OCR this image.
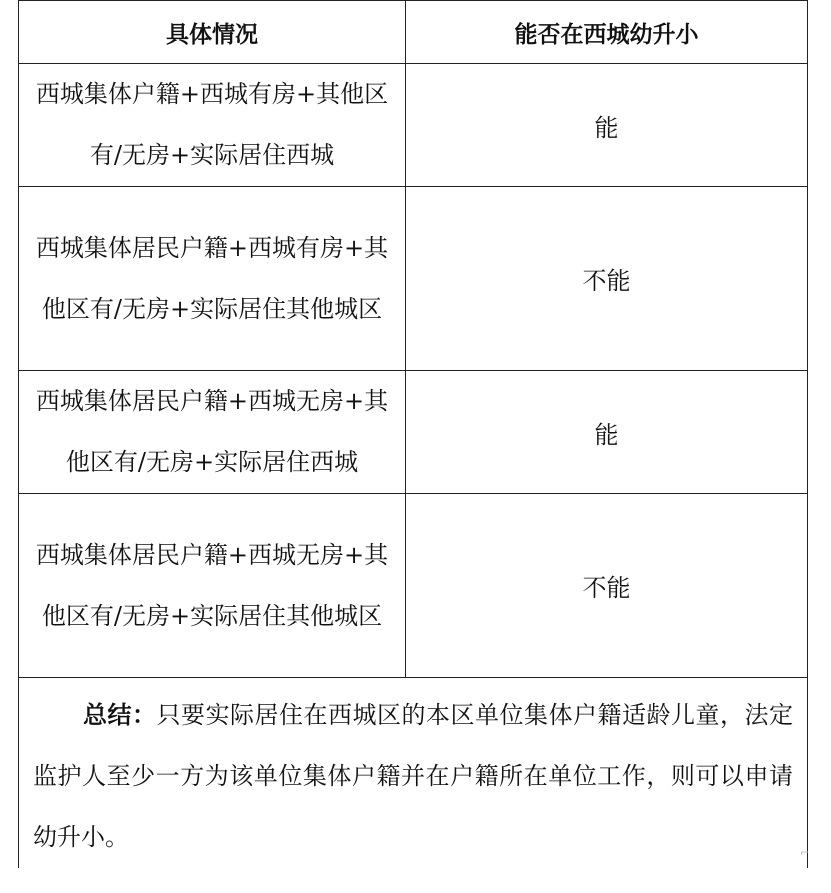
具体情况	能否在西城幼升小
西城集体户籍+西城有房+其他区有/无房+实际居住西城	能
西城集体居民户籍+西城有房+其他区有/无房+实际居住其他城区	不能
西城集体居民户籍+西城无房+其他区有/无房+实际居住西城	能
西城集体居民户籍+西城无房+其他区有/无房+实际居住其他城区	不能
总结：只要实际居住在西城区的本区单位集体户籍适龄儿童，法定监护人至少一方为该单位集体户籍并在户籍所在单位工作，则可以申请幼升小。	
⌐
